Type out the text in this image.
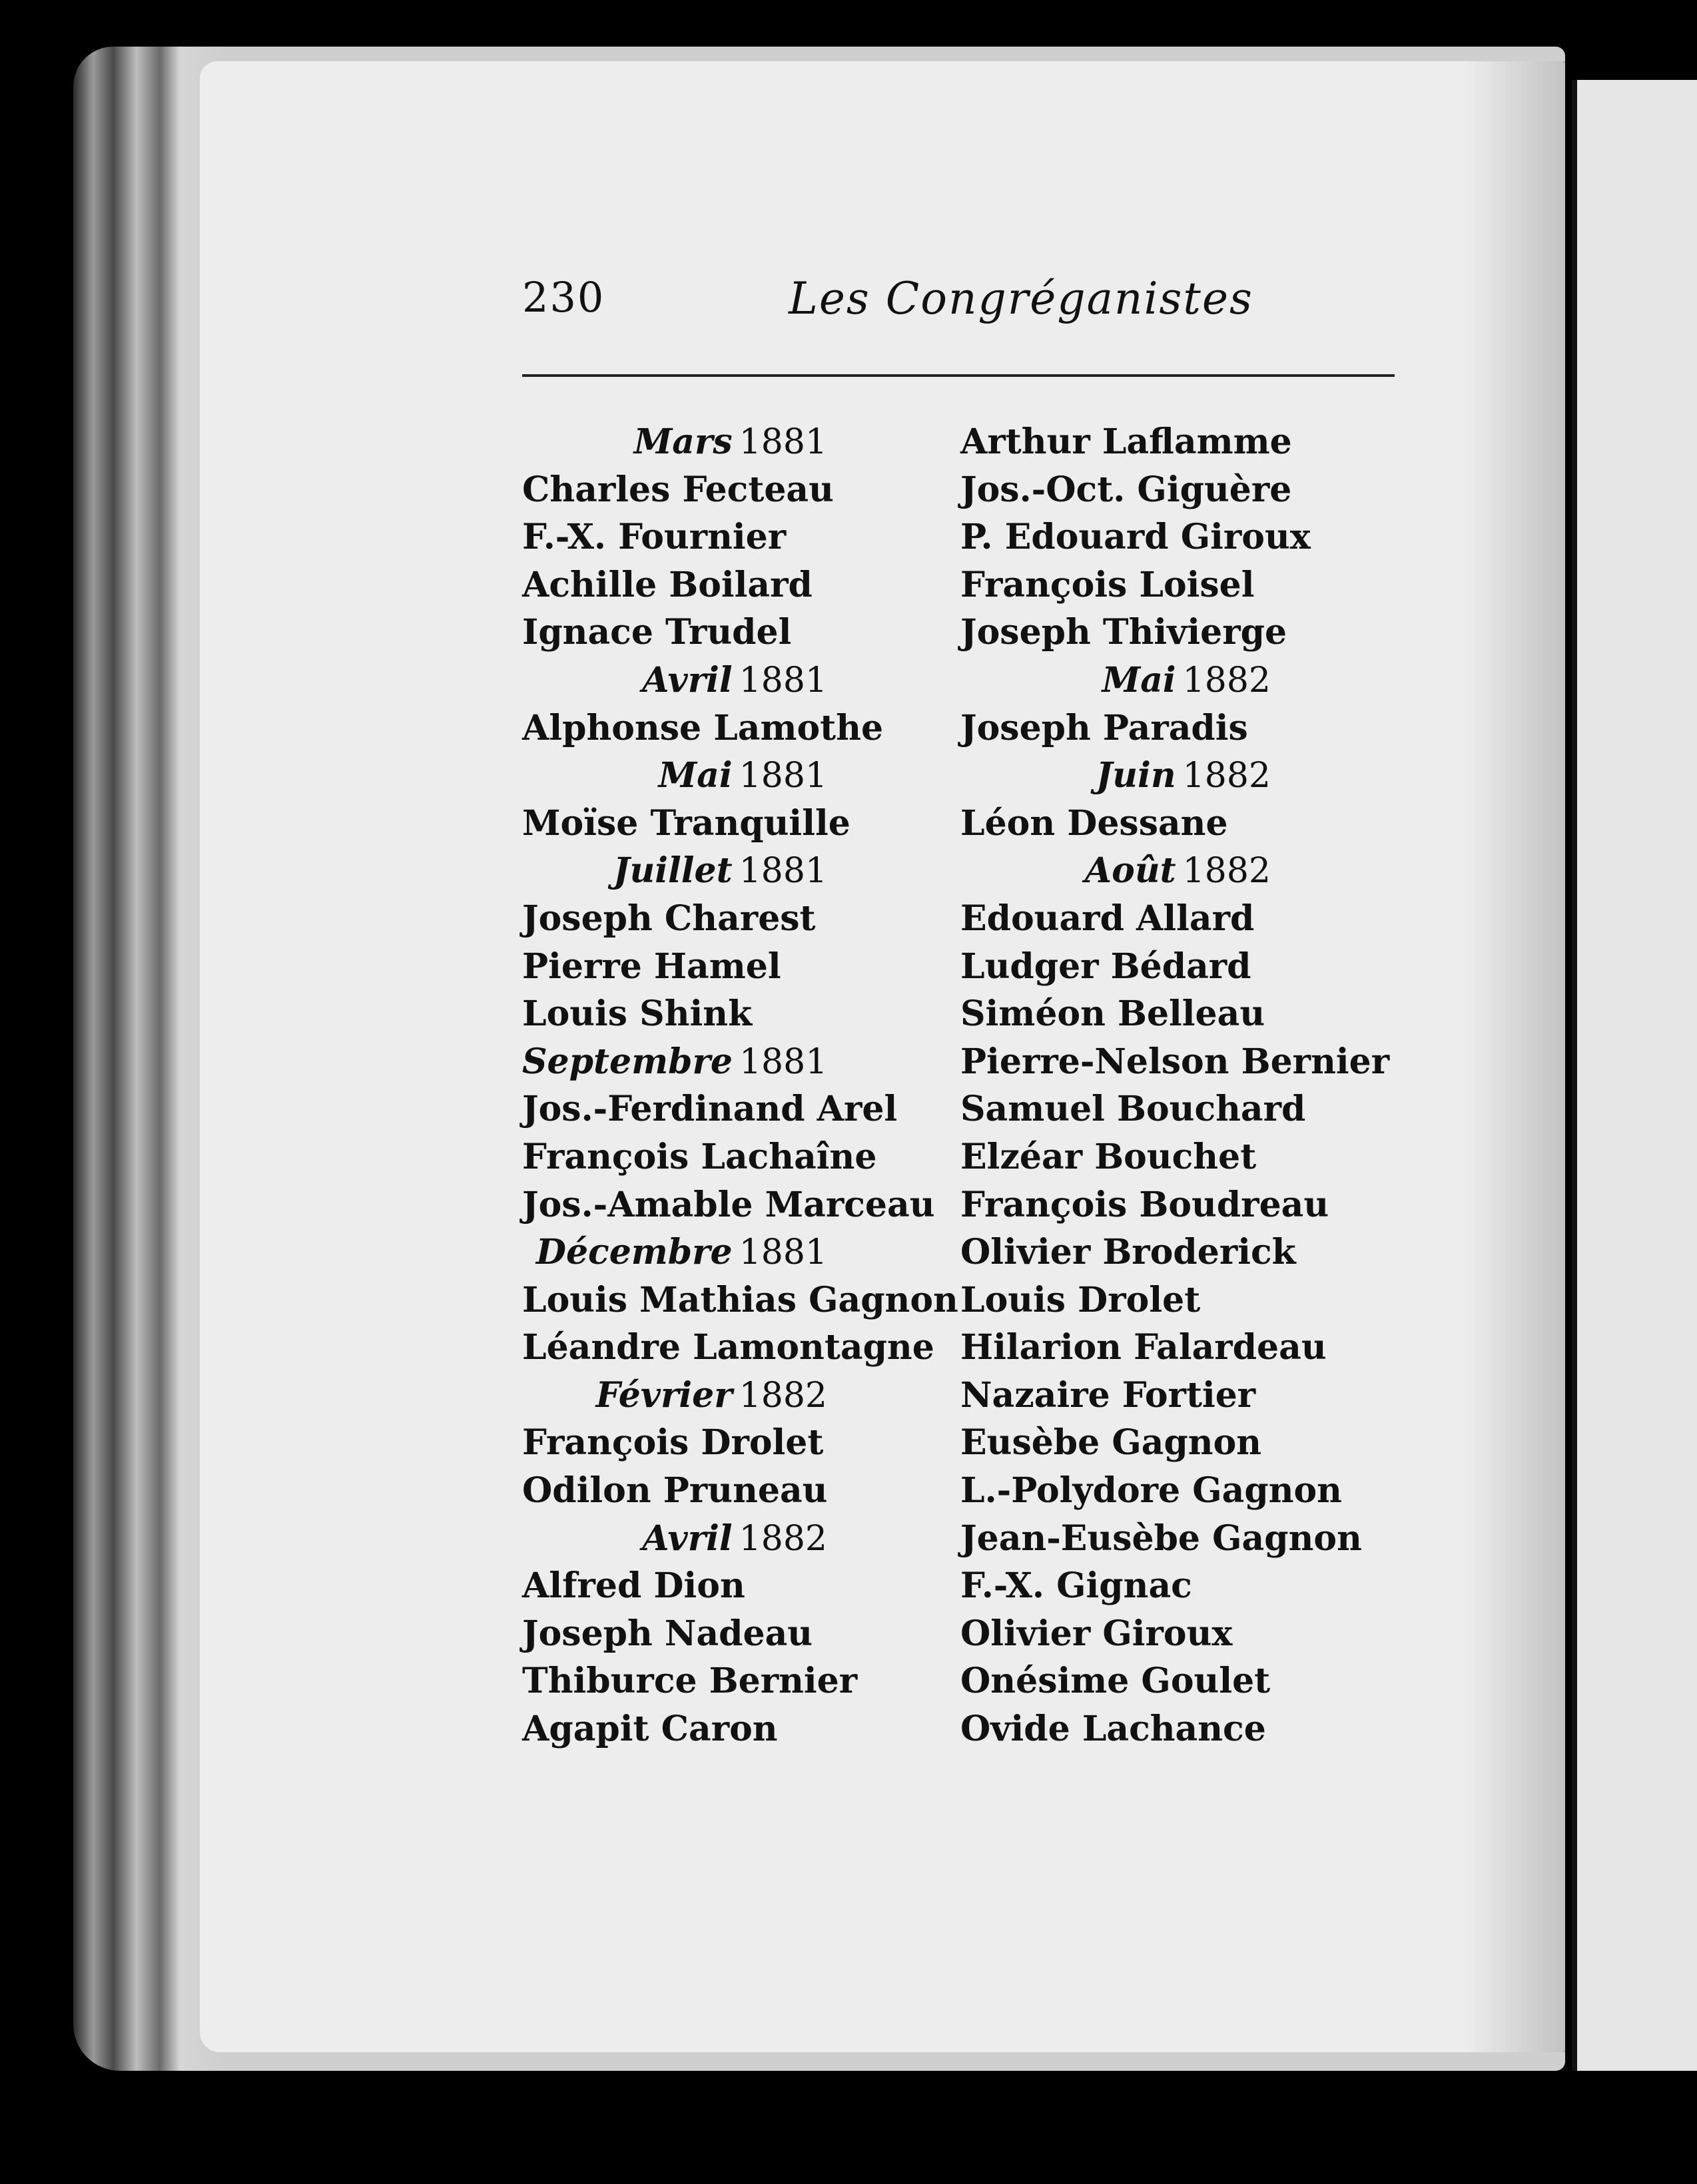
230	Les Congréganistes
Mars 1881
Charles Fecteau
F.-X. Fournier
Achille Boilard
Ignace Trudel
Avril 1881
Alphonse Lamothe
Mai 1881
Moïse Tranquille
Juillet 1881
Joseph Charest
Pierre Hamel
Louis Shink
Septembre 1881
Jos.-Ferdinand Arel
François Lachaîne
Jos.-Amable Marceau
Décembre 1881
Louis Mathias Gagnon
Léandre Lamontagne
Février 1882
François Drolet
Odilon Pruneau
Avril 1882
Alfred Dion
Joseph Nadeau
Thiburce Bernier
Agapit Caron
Arthur Laflamme
Jos.-Oct. Giguère
P. Edouard Giroux
François Loisel
Joseph Thivierge
Mai 1882
Joseph Paradis
Juin 1882
Léon Dessane
Août 1882
Edouard Allard
Ludger Bédard
Siméon Belleau
Pierre-Nelson Bernier
Samuel Bouchard
Elzéar Bouchet
François Boudreau
Olivier Broderick
Louis Drolet
Hilarion Falardeau
Nazaire Fortier
Eusèbe Gagnon
L.-Polydore Gagnon
Jean-Eusèbe Gagnon
F.-X. Gignac
Olivier Giroux
Onésime Goulet
Ovide Lachance
